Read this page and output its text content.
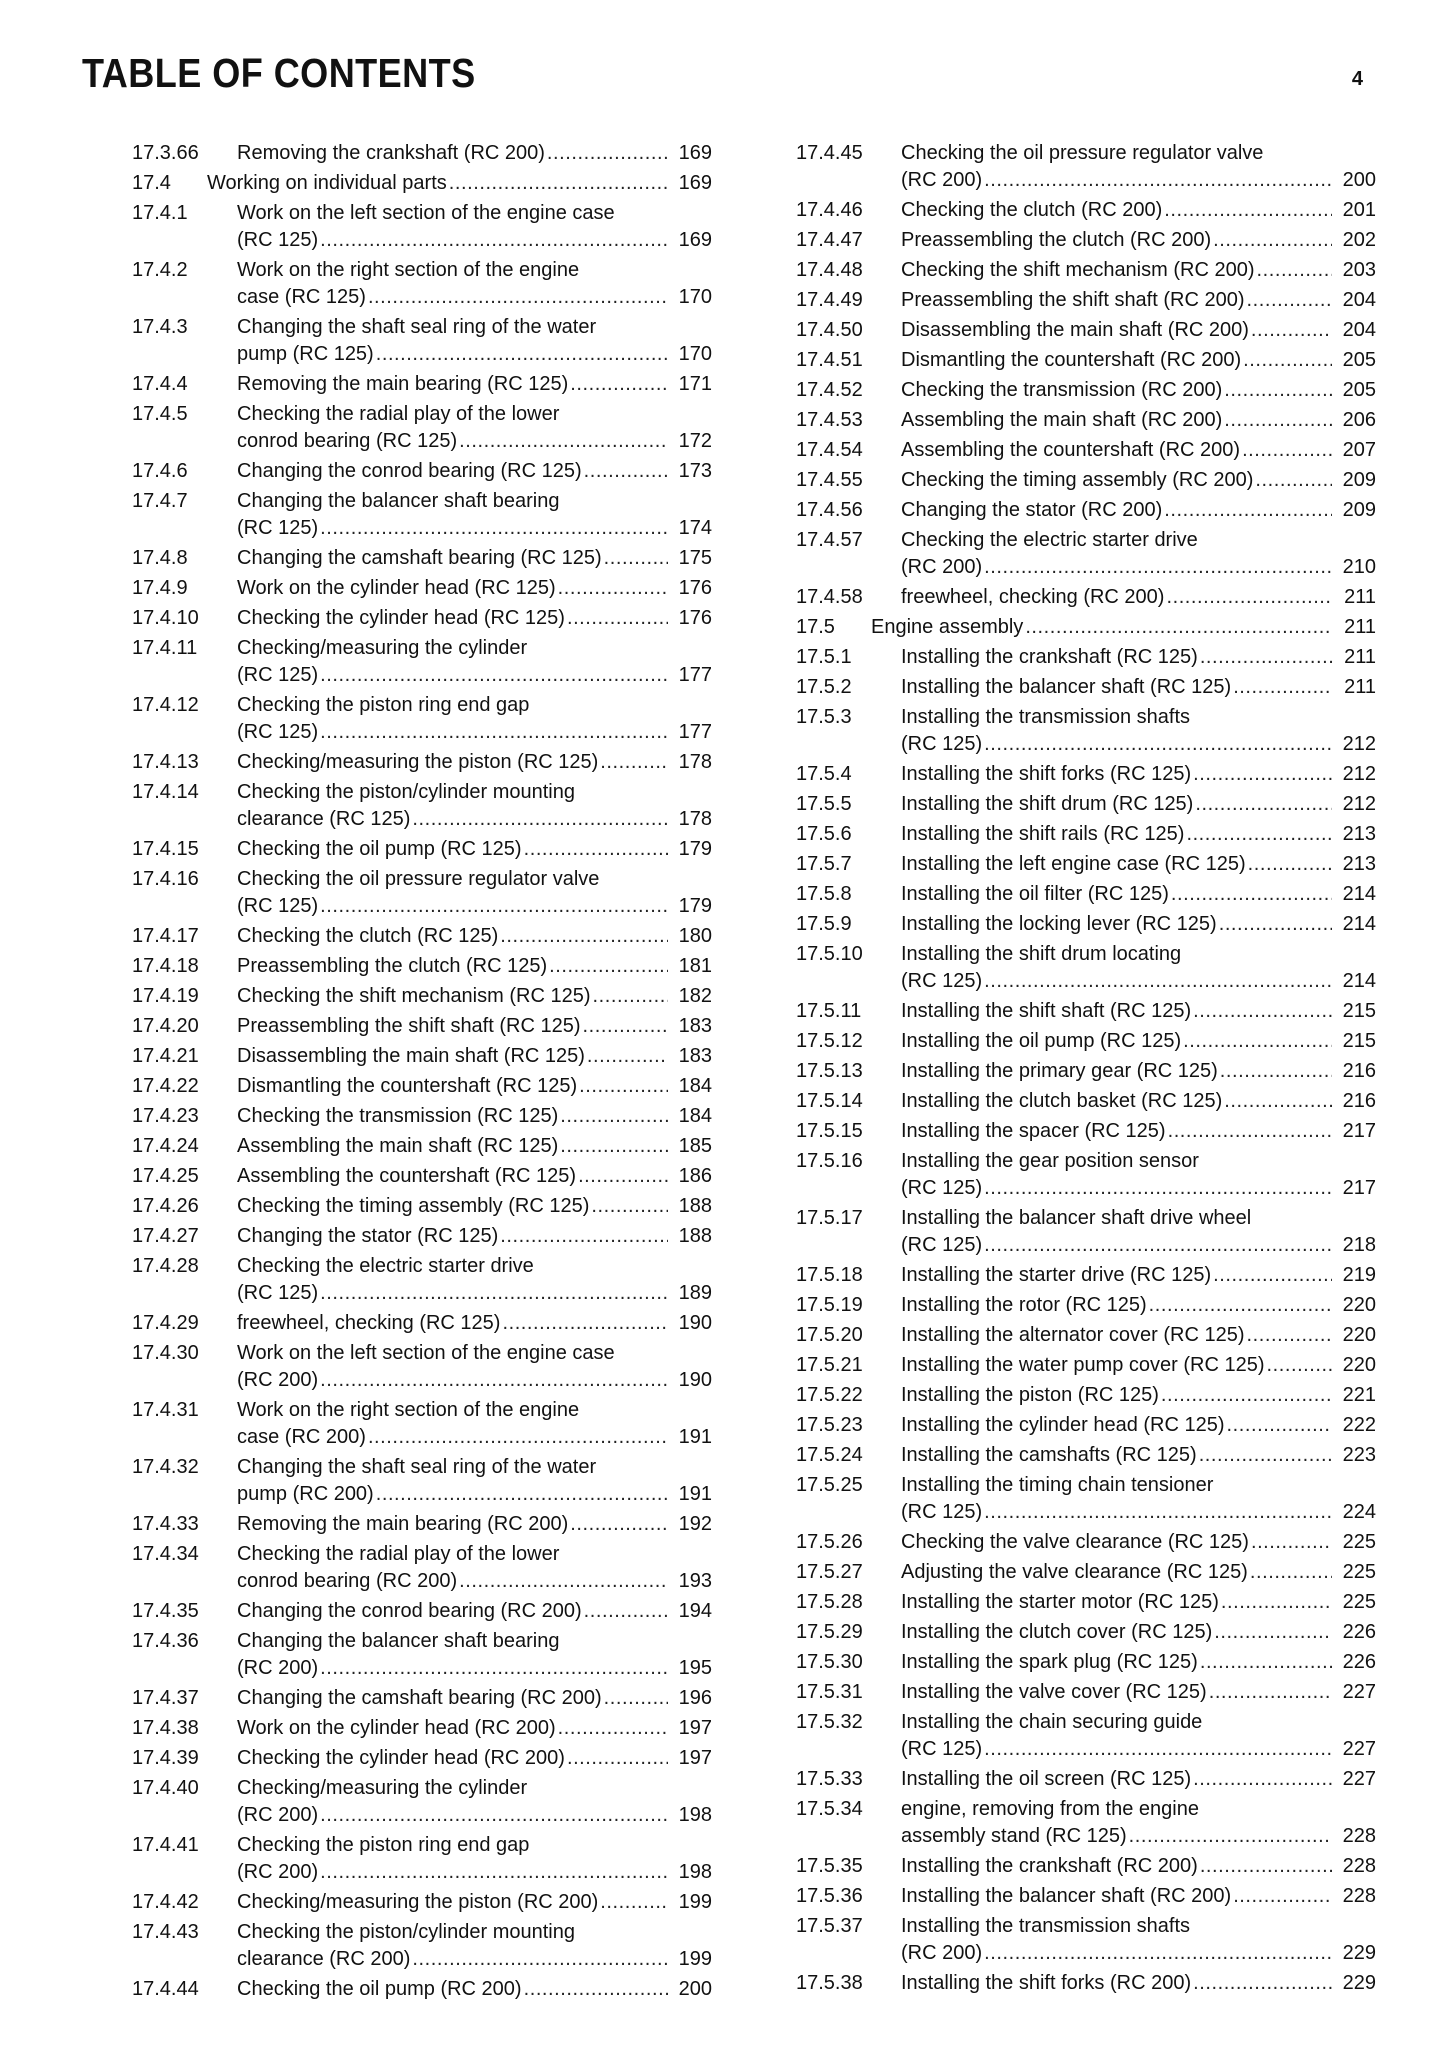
TABLE OF CONTENTS	4
17.3.66 Removing the crankshaft (RC 200) . . .	169
17.4 Working on individual parts . . .	169
17.4.1 Work on the left section of the engine case
(RC 125) . . .	169
17.4.2 Work on the right section of the engine
case (RC 125) . . .	170
17.4.3 Changing the shaft seal ring of the water
pump (RC 125) . . .	170
17.4.4 Removing the main bearing (RC 125) . . .	171
17.4.5 Checking the radial play of the lower
conrod bearing (RC 125) . . .	172
17.4.6 Changing the conrod bearing (RC 125) . . .	173
17.4.7 Changing the balancer shaft bearing
(RC 125) . . .	174
17.4.8 Changing the camshaft bearing (RC 125) . . .	175
17.4.9 Work on the cylinder head (RC 125) . . .	176
17.4.10 Checking the cylinder head (RC 125) . . .	176
17.4.11 Checking/measuring the cylinder
(RC 125) . . .	177
17.4.12 Checking the piston ring end gap
(RC 125) . . .	177
17.4.13 Checking/measuring the piston (RC 125) . . .	178
17.4.14 Checking the piston/cylinder mounting
clearance (RC 125) . . .	178
17.4.15 Checking the oil pump (RC 125) . . .	179
17.4.16 Checking the oil pressure regulator valve
(RC 125) . . .	179
17.4.17 Checking the clutch (RC 125) . . .	180
17.4.18 Preassembling the clutch (RC 125) . . .	181
17.4.19 Checking the shift mechanism (RC 125) . . .	182
17.4.20 Preassembling the shift shaft (RC 125) . . .	183
17.4.21 Disassembling the main shaft (RC 125) . . .	183
17.4.22 Dismantling the countershaft (RC 125) . . .	184
17.4.23 Checking the transmission (RC 125) . . .	184
17.4.24 Assembling the main shaft (RC 125) . . .	185
17.4.25 Assembling the countershaft (RC 125) . . .	186
17.4.26 Checking the timing assembly (RC 125) . . .	188
17.4.27 Changing the stator (RC 125) . . .	188
17.4.28 Checking the electric starter drive
(RC 125) . . .	189
17.4.29 freewheel, checking (RC 125) . . .	190
17.4.30 Work on the left section of the engine case
(RC 200) . . .	190
17.4.31 Work on the right section of the engine
case (RC 200) . . .	191
17.4.32 Changing the shaft seal ring of the water
pump (RC 200) . . .	191
17.4.33 Removing the main bearing (RC 200) . . .	192
17.4.34 Checking the radial play of the lower
conrod bearing (RC 200) . . .	193
17.4.35 Changing the conrod bearing (RC 200) . . .	194
17.4.36 Changing the balancer shaft bearing
(RC 200) . . .	195
17.4.37 Changing the camshaft bearing (RC 200) . . .	196
17.4.38 Work on the cylinder head (RC 200) . . .	197
17.4.39 Checking the cylinder head (RC 200) . . .	197
17.4.40 Checking/measuring the cylinder
(RC 200) . . .	198
17.4.41 Checking the piston ring end gap
(RC 200) . . .	198
17.4.42 Checking/measuring the piston (RC 200) . . .	199
17.4.43 Checking the piston/cylinder mounting
clearance (RC 200) . . .	199
17.4.44 Checking the oil pump (RC 200) . . .	200
17.4.45 Checking the oil pressure regulator valve
(RC 200) . . .	200
17.4.46 Checking the clutch (RC 200) . . .	201
17.4.47 Preassembling the clutch (RC 200) . . .	202
17.4.48 Checking the shift mechanism (RC 200) . . .	203
17.4.49 Preassembling the shift shaft (RC 200) . . .	204
17.4.50 Disassembling the main shaft (RC 200) . . .	204
17.4.51 Dismantling the countershaft (RC 200) . . .	205
17.4.52 Checking the transmission (RC 200) . . .	205
17.4.53 Assembling the main shaft (RC 200) . . .	206
17.4.54 Assembling the countershaft (RC 200) . . .	207
17.4.55 Checking the timing assembly (RC 200) . . .	209
17.4.56 Changing the stator (RC 200) . . .	209
17.4.57 Checking the electric starter drive
(RC 200) . . .	210
17.4.58 freewheel, checking (RC 200) . . .	211
17.5 Engine assembly . . .	211
17.5.1 Installing the crankshaft (RC 125) . . .	211
17.5.2 Installing the balancer shaft (RC 125) . . .	211
17.5.3 Installing the transmission shafts
(RC 125) . . .	212
17.5.4 Installing the shift forks (RC 125) . . .	212
17.5.5 Installing the shift drum (RC 125) . . .	212
17.5.6 Installing the shift rails (RC 125) . . .	213
17.5.7 Installing the left engine case (RC 125) . . .	213
17.5.8 Installing the oil filter (RC 125) . . .	214
17.5.9 Installing the locking lever (RC 125) . . .	214
17.5.10 Installing the shift drum locating
(RC 125) . . .	214
17.5.11 Installing the shift shaft (RC 125) . . .	215
17.5.12 Installing the oil pump (RC 125) . . .	215
17.5.13 Installing the primary gear (RC 125) . . .	216
17.5.14 Installing the clutch basket (RC 125) . . .	216
17.5.15 Installing the spacer (RC 125) . . .	217
17.5.16 Installing the gear position sensor
(RC 125) . . .	217
17.5.17 Installing the balancer shaft drive wheel
(RC 125) . . .	218
17.5.18 Installing the starter drive (RC 125) . . .	219
17.5.19 Installing the rotor (RC 125) . . .	220
17.5.20 Installing the alternator cover (RC 125) . . .	220
17.5.21 Installing the water pump cover (RC 125) . . .	220
17.5.22 Installing the piston (RC 125) . . .	221
17.5.23 Installing the cylinder head (RC 125) . . .	222
17.5.24 Installing the camshafts (RC 125) . . .	223
17.5.25 Installing the timing chain tensioner
(RC 125) . . .	224
17.5.26 Checking the valve clearance (RC 125) . . .	225
17.5.27 Adjusting the valve clearance (RC 125) . . .	225
17.5.28 Installing the starter motor (RC 125) . . .	225
17.5.29 Installing the clutch cover (RC 125) . . .	226
17.5.30 Installing the spark plug (RC 125) . . .	226
17.5.31 Installing the valve cover (RC 125) . . .	227
17.5.32 Installing the chain securing guide
(RC 125) . . .	227
17.5.33 Installing the oil screen (RC 125) . . .	227
17.5.34 engine, removing from the engine
assembly stand (RC 125) . . .	228
17.5.35 Installing the crankshaft (RC 200) . . .	228
17.5.36 Installing the balancer shaft (RC 200) . . .	228
17.5.37 Installing the transmission shafts
(RC 200) . . .	229
17.5.38 Installing the shift forks (RC 200) . . .	229
